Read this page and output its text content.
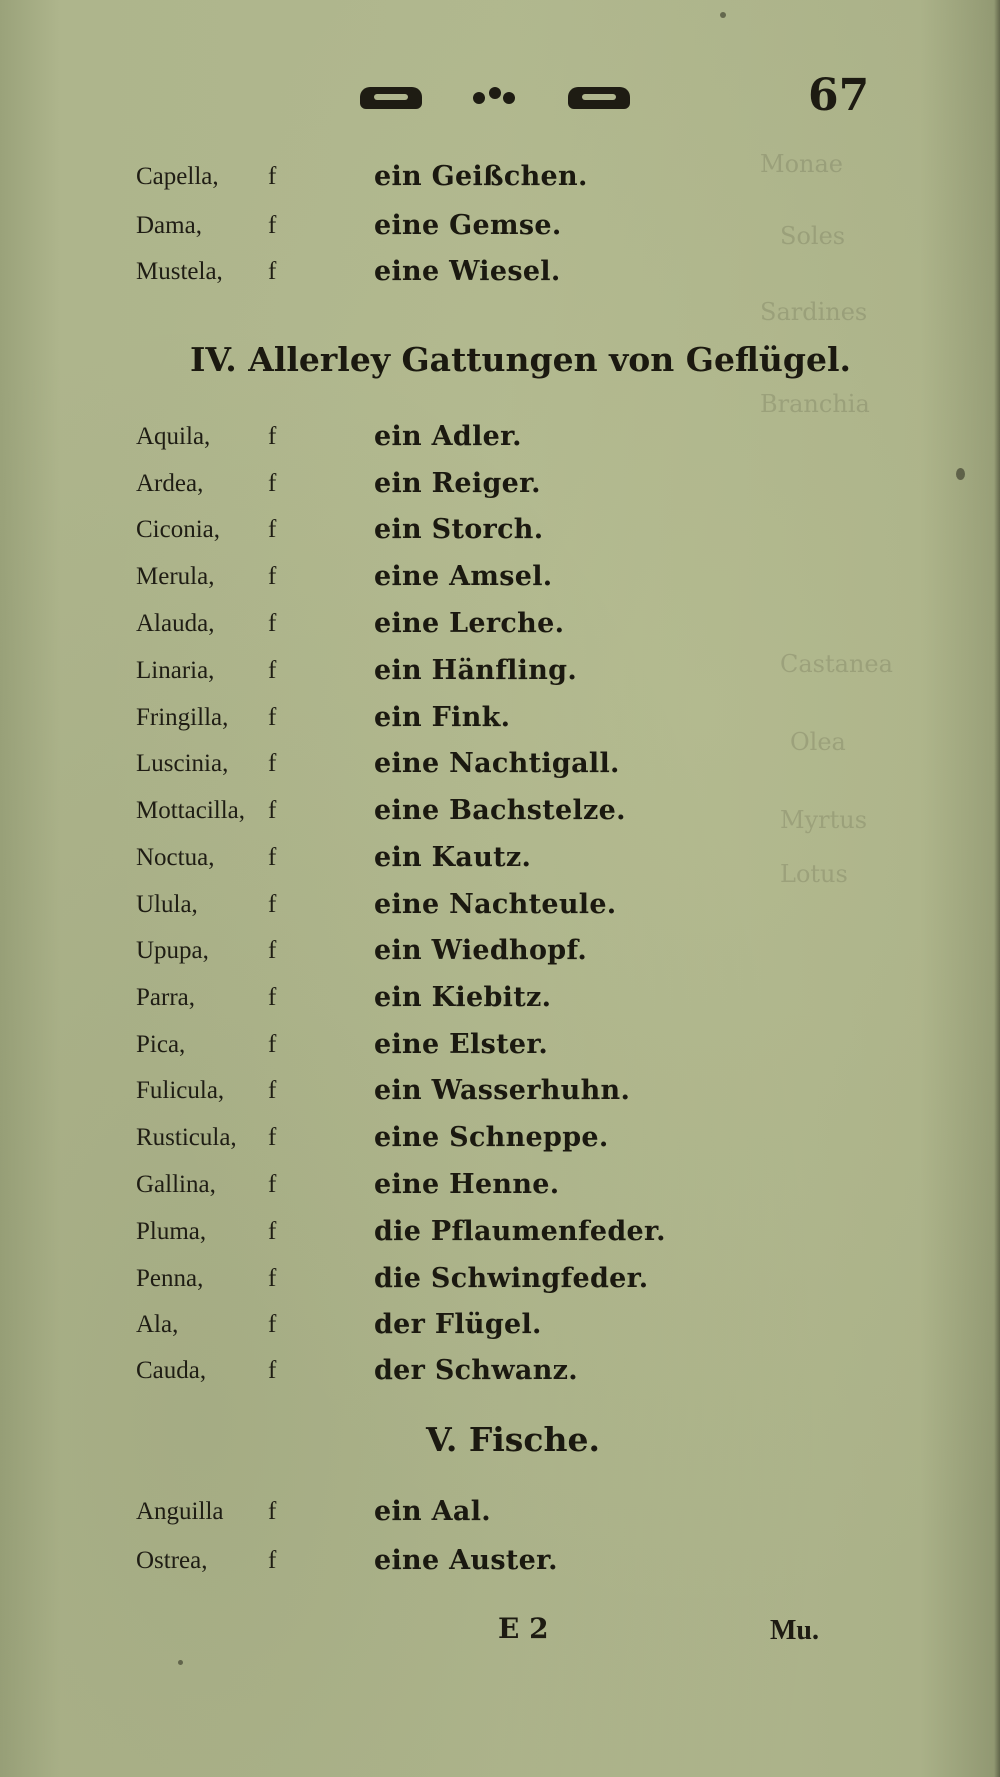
Monae
Soles
Sardines
Branchia
Castanea
Olea
Myrtus
Lotus
67
Capella, f	ein Geißchen.
Dama,	f	eine Gemse.
Mustela, f	eine Wiesel.
IV. Allerley Gattungen von Geflügel.
Aquila, f	ein Adler.
Ardea,	f	ein Reiger.
Ciconia, f	ein Storch.
Merula, f	eine Amsel.
Alauda, f	eine Lerche.
Linaria, f	ein Hänfling.
Fringilla, f	ein Fink.
Luscinia, f	eine Nachtigall.
Mottacilla, f	eine Bachstelze.
Noctua, f	ein Kautz.
Ulula,	f	eine Nachteule.
Upupa, f	ein Wiedhopf.
Parra,	f	ein Kiebitz.
Pica,	f	eine Elster.
Fulicula, f	ein Wasserhuhn.
Rusticula, f	eine Schneppe.
Gallina, f	eine Henne.
Pluma, f	die Pflaumenfeder.
Penna,	f	die Schwingfeder.
Ala,	f	der Flügel.
Cauda, f	der Schwanz.
V. Fische.
Anguilla f	ein Aal.
Ostrea, f	eine Auster.
E 2	Mu.
